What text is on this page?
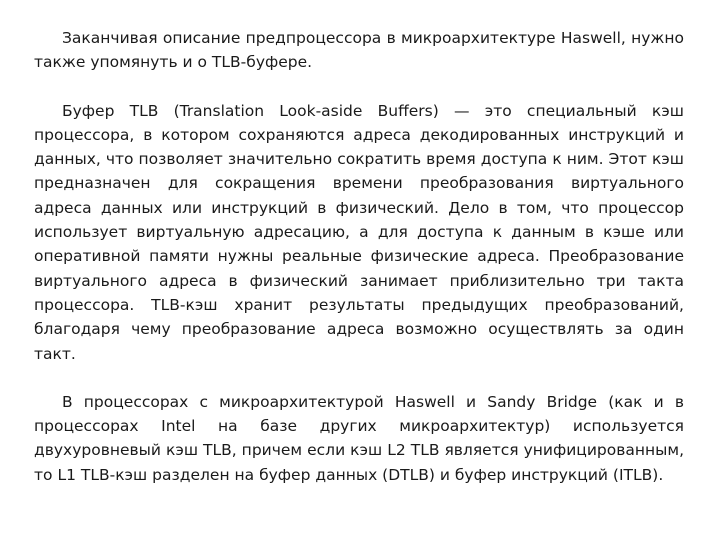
Заканчивая описание предпроцессора в микроархитектуре Haswell, нужно также упомянуть и о TLB-буфере.

Буфер TLB (Translation Look-aside Buffers) — это специальный кэш процессора, в котором сохраняются адреса декодированных инструкций и данных, что позволяет значительно сократить время доступа к ним. Этот кэш предназначен для сокращения времени преобразования виртуального адреса данных или инструкций в физический. Дело в том, что процессор использует виртуальную адресацию, а для доступа к данным в кэше или оперативной памяти нужны реальные физические адреса. Преобразование виртуального адреса в физический занимает приблизительно три такта процессора. TLB-кэш хранит результаты предыдущих преобразований, благодаря чему преобразование адреса возможно осуществлять за один такт.

В процессорах с микроархитектурой Haswell и Sandy Bridge (как и в процессорах Intel на базе других микроархитектур) используется двухуровневый кэш TLB, причем если кэш L2 TLB является унифицированным, то L1 TLB-кэш разделен на буфер данных (DTLB) и буфер инструкций (ITLB).
